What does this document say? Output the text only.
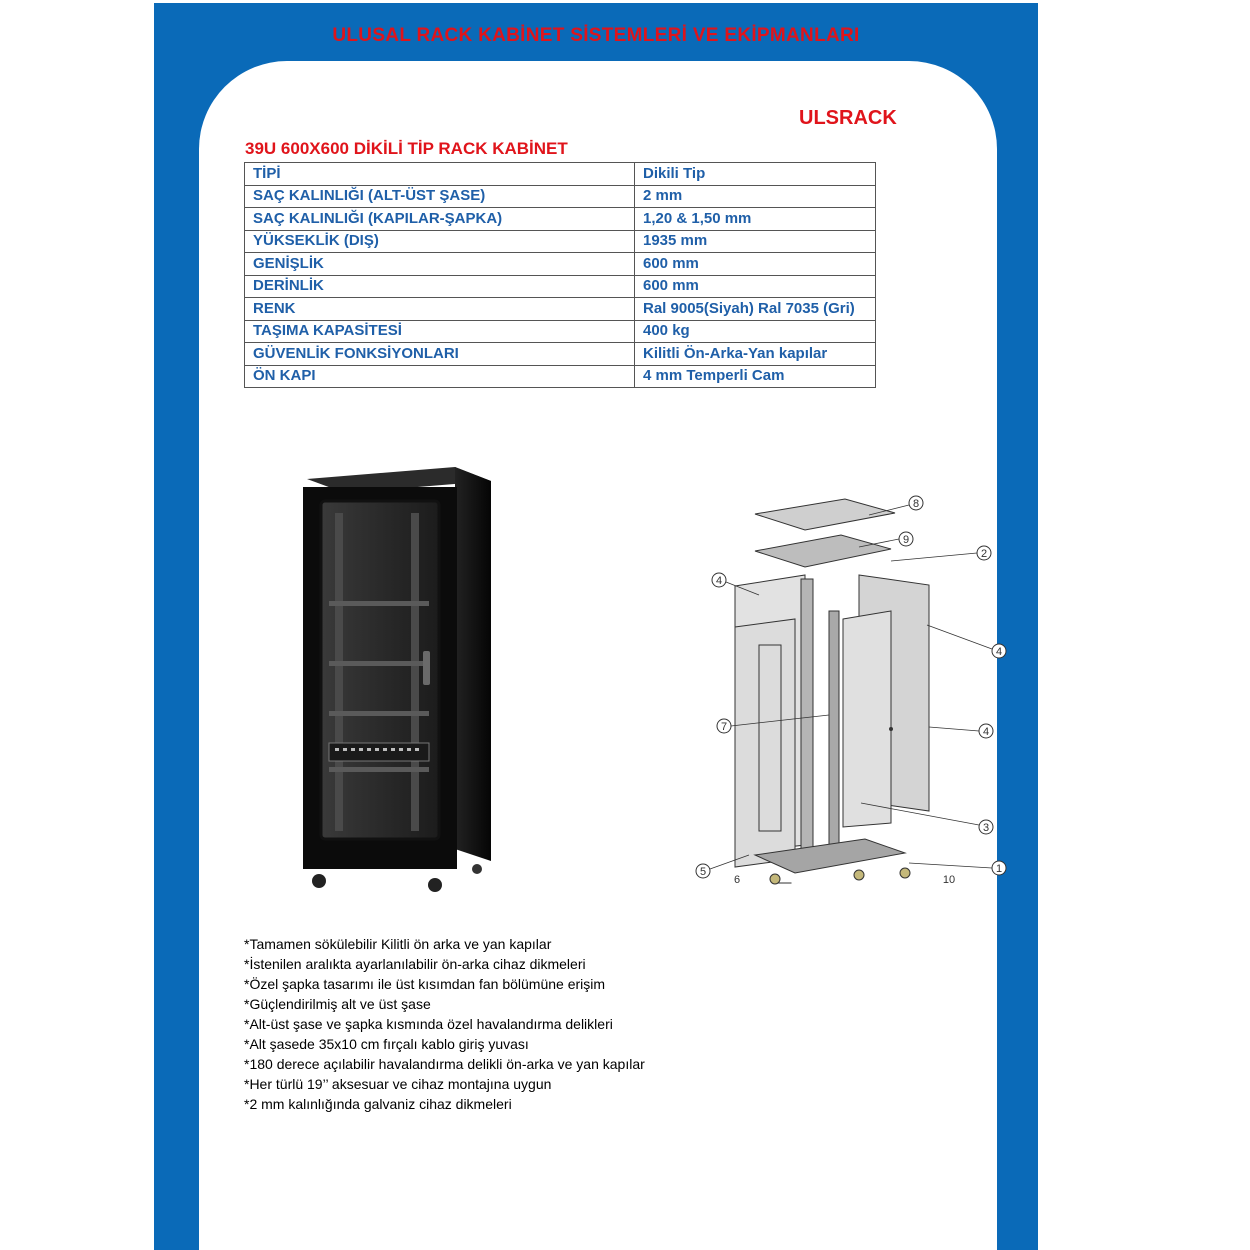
ULUSAL RACK KABİNET SİSTEMLERİ VE EKİPMANLARI
ULSRACK
39U 600X600 DİKİLİ TİP RACK KABİNET
TİPİ	Dikili Tip
SAÇ KALINLIĞI (ALT-ÜST ŞASE)	2 mm
SAÇ KALINLIĞI (KAPILAR-ŞAPKA)	1,20 & 1,50 mm
YÜKSEKLİK (DIŞ)	1935 mm
GENİŞLİK	600 mm
DERİNLİK	600 mm
RENK	Ral 9005(Siyah) Ral 7035 (Gri)
TAŞIMA KAPASİTESİ	400 kg
GÜVENLİK FONKSİYONLARI	Kilitli Ön-Arka-Yan kapılar
ÖN KAPI	4 mm Temperli Cam
8
9
2
4
4
7	4
3
5
6
1
10
*Tamamen sökülebilir Kilitli ön arka ve yan kapılar
*İstenilen aralıkta ayarlanılabilir ön-arka cihaz dikmeleri
*Özel şapka tasarımı ile üst kısımdan fan bölümüne erişim
*Güçlendirilmiş alt ve üst şase
*Alt-üst şase ve şapka kısmında özel havalandırma delikleri
*Alt şasede 35x10 cm fırçalı kablo giriş yuvası
*180 derece açılabilir havalandırma delikli ön-arka ve yan kapılar
*Her türlü 19’’ aksesuar ve cihaz montajına uygun
*2 mm kalınlığında galvaniz cihaz dikmeleri
